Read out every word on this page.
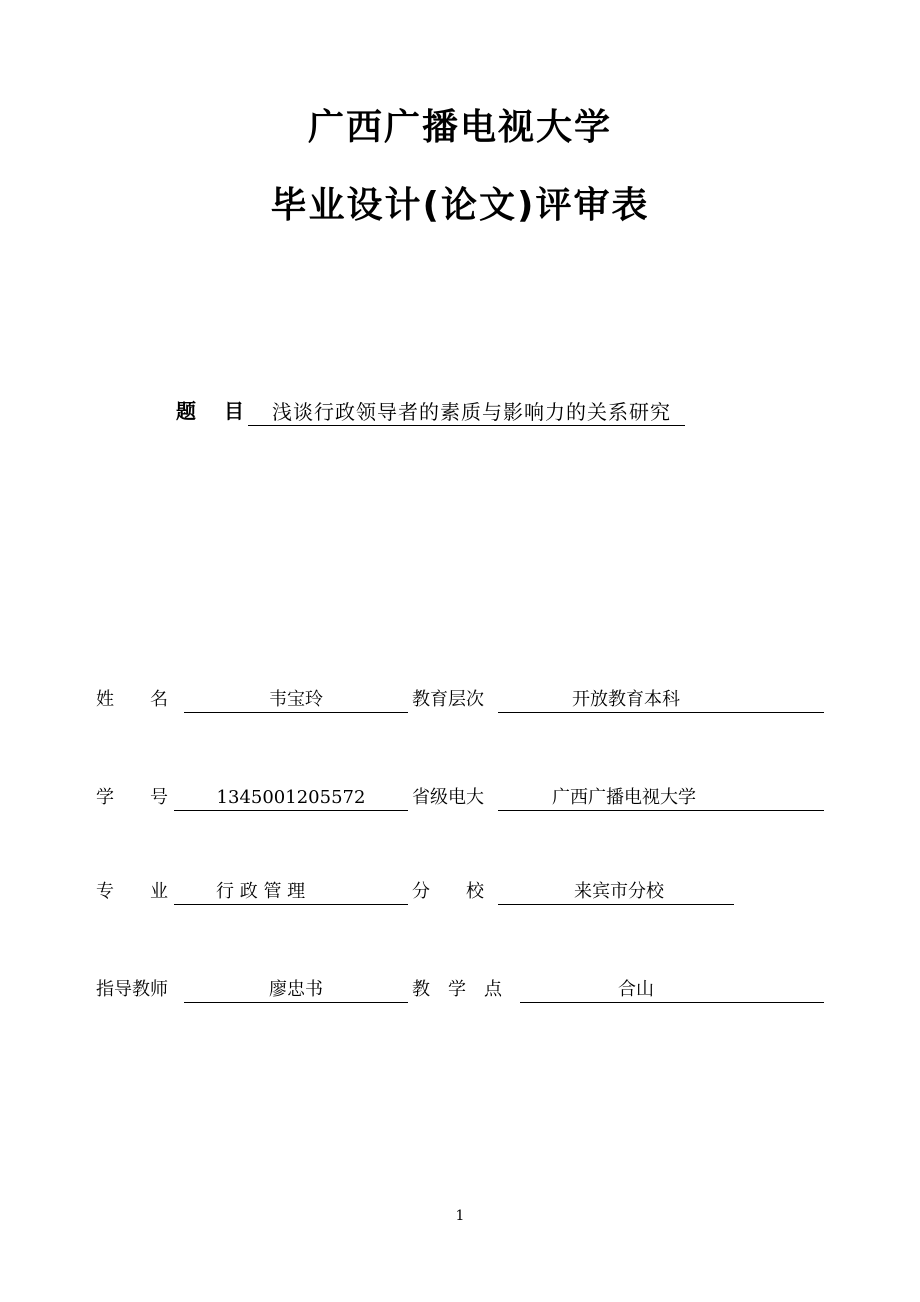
广西广播电视大学
毕业设计(论文)评审表
题 目	浅谈行政领导者的素质与影响力的关系研究
姓　　名	韦宝玲	教育层次	开放教育本科
学　　号	1345001205572	省级电大	广西广播电视大学
专　　业	行 政 管 理	分　　校	来宾市分校
指导教师	廖忠书	教　学　点	合山
1
